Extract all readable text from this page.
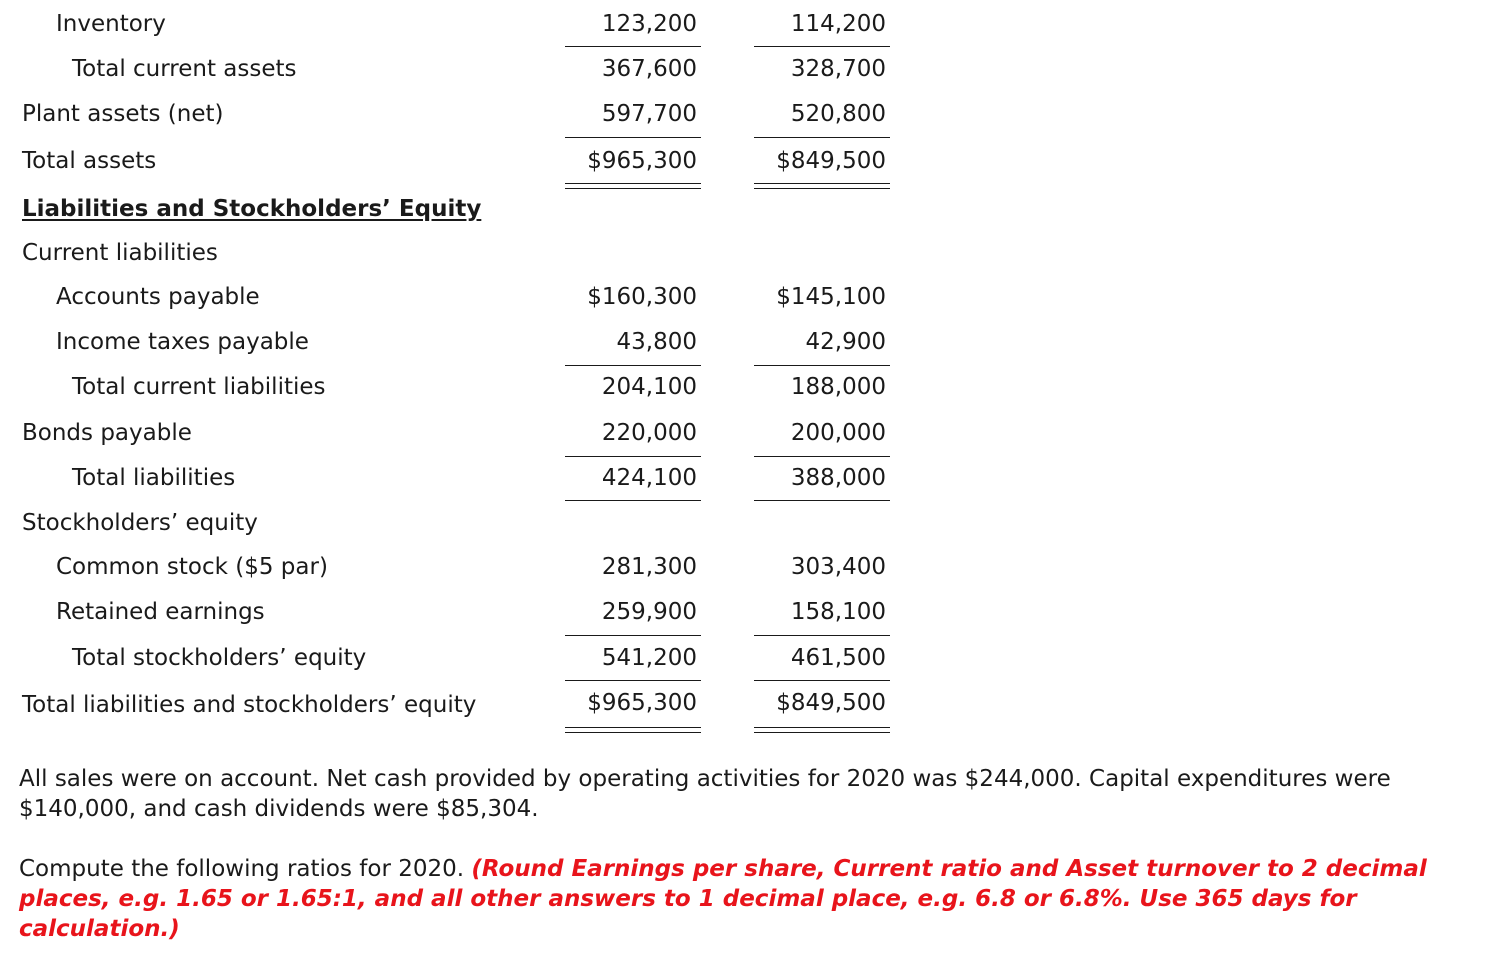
Inventory	123,200	114,200
Total current assets	367,600	328,700
Plant assets (net)	597,700	520,800
Total assets	$965,300	$849,500
Liabilities and Stockholders’ Equity
Current liabilities
Accounts payable	$160,300	$145,100
Income taxes payable	43,800	42,900
Total current liabilities	204,100	188,000
Bonds payable	220,000	200,000
Total liabilities	424,100	388,000
Stockholders’ equity
Common stock ($5 par)	281,300	303,400
Retained earnings	259,900	158,100
Total stockholders’ equity	541,200	461,500
Total liabilities and stockholders’ equity	$965,300	$849,500

All sales were on account. Net cash provided by operating activities for 2020 was $244,000. Capital expenditures were $140,000, and cash dividends were $85,304.

Compute the following ratios for 2020. (Round Earnings per share, Current ratio and Asset turnover to 2 decimal places, e.g. 1.65 or 1.65:1, and all other answers to 1 decimal place, e.g. 6.8 or 6.8%. Use 365 days for calculation.)
